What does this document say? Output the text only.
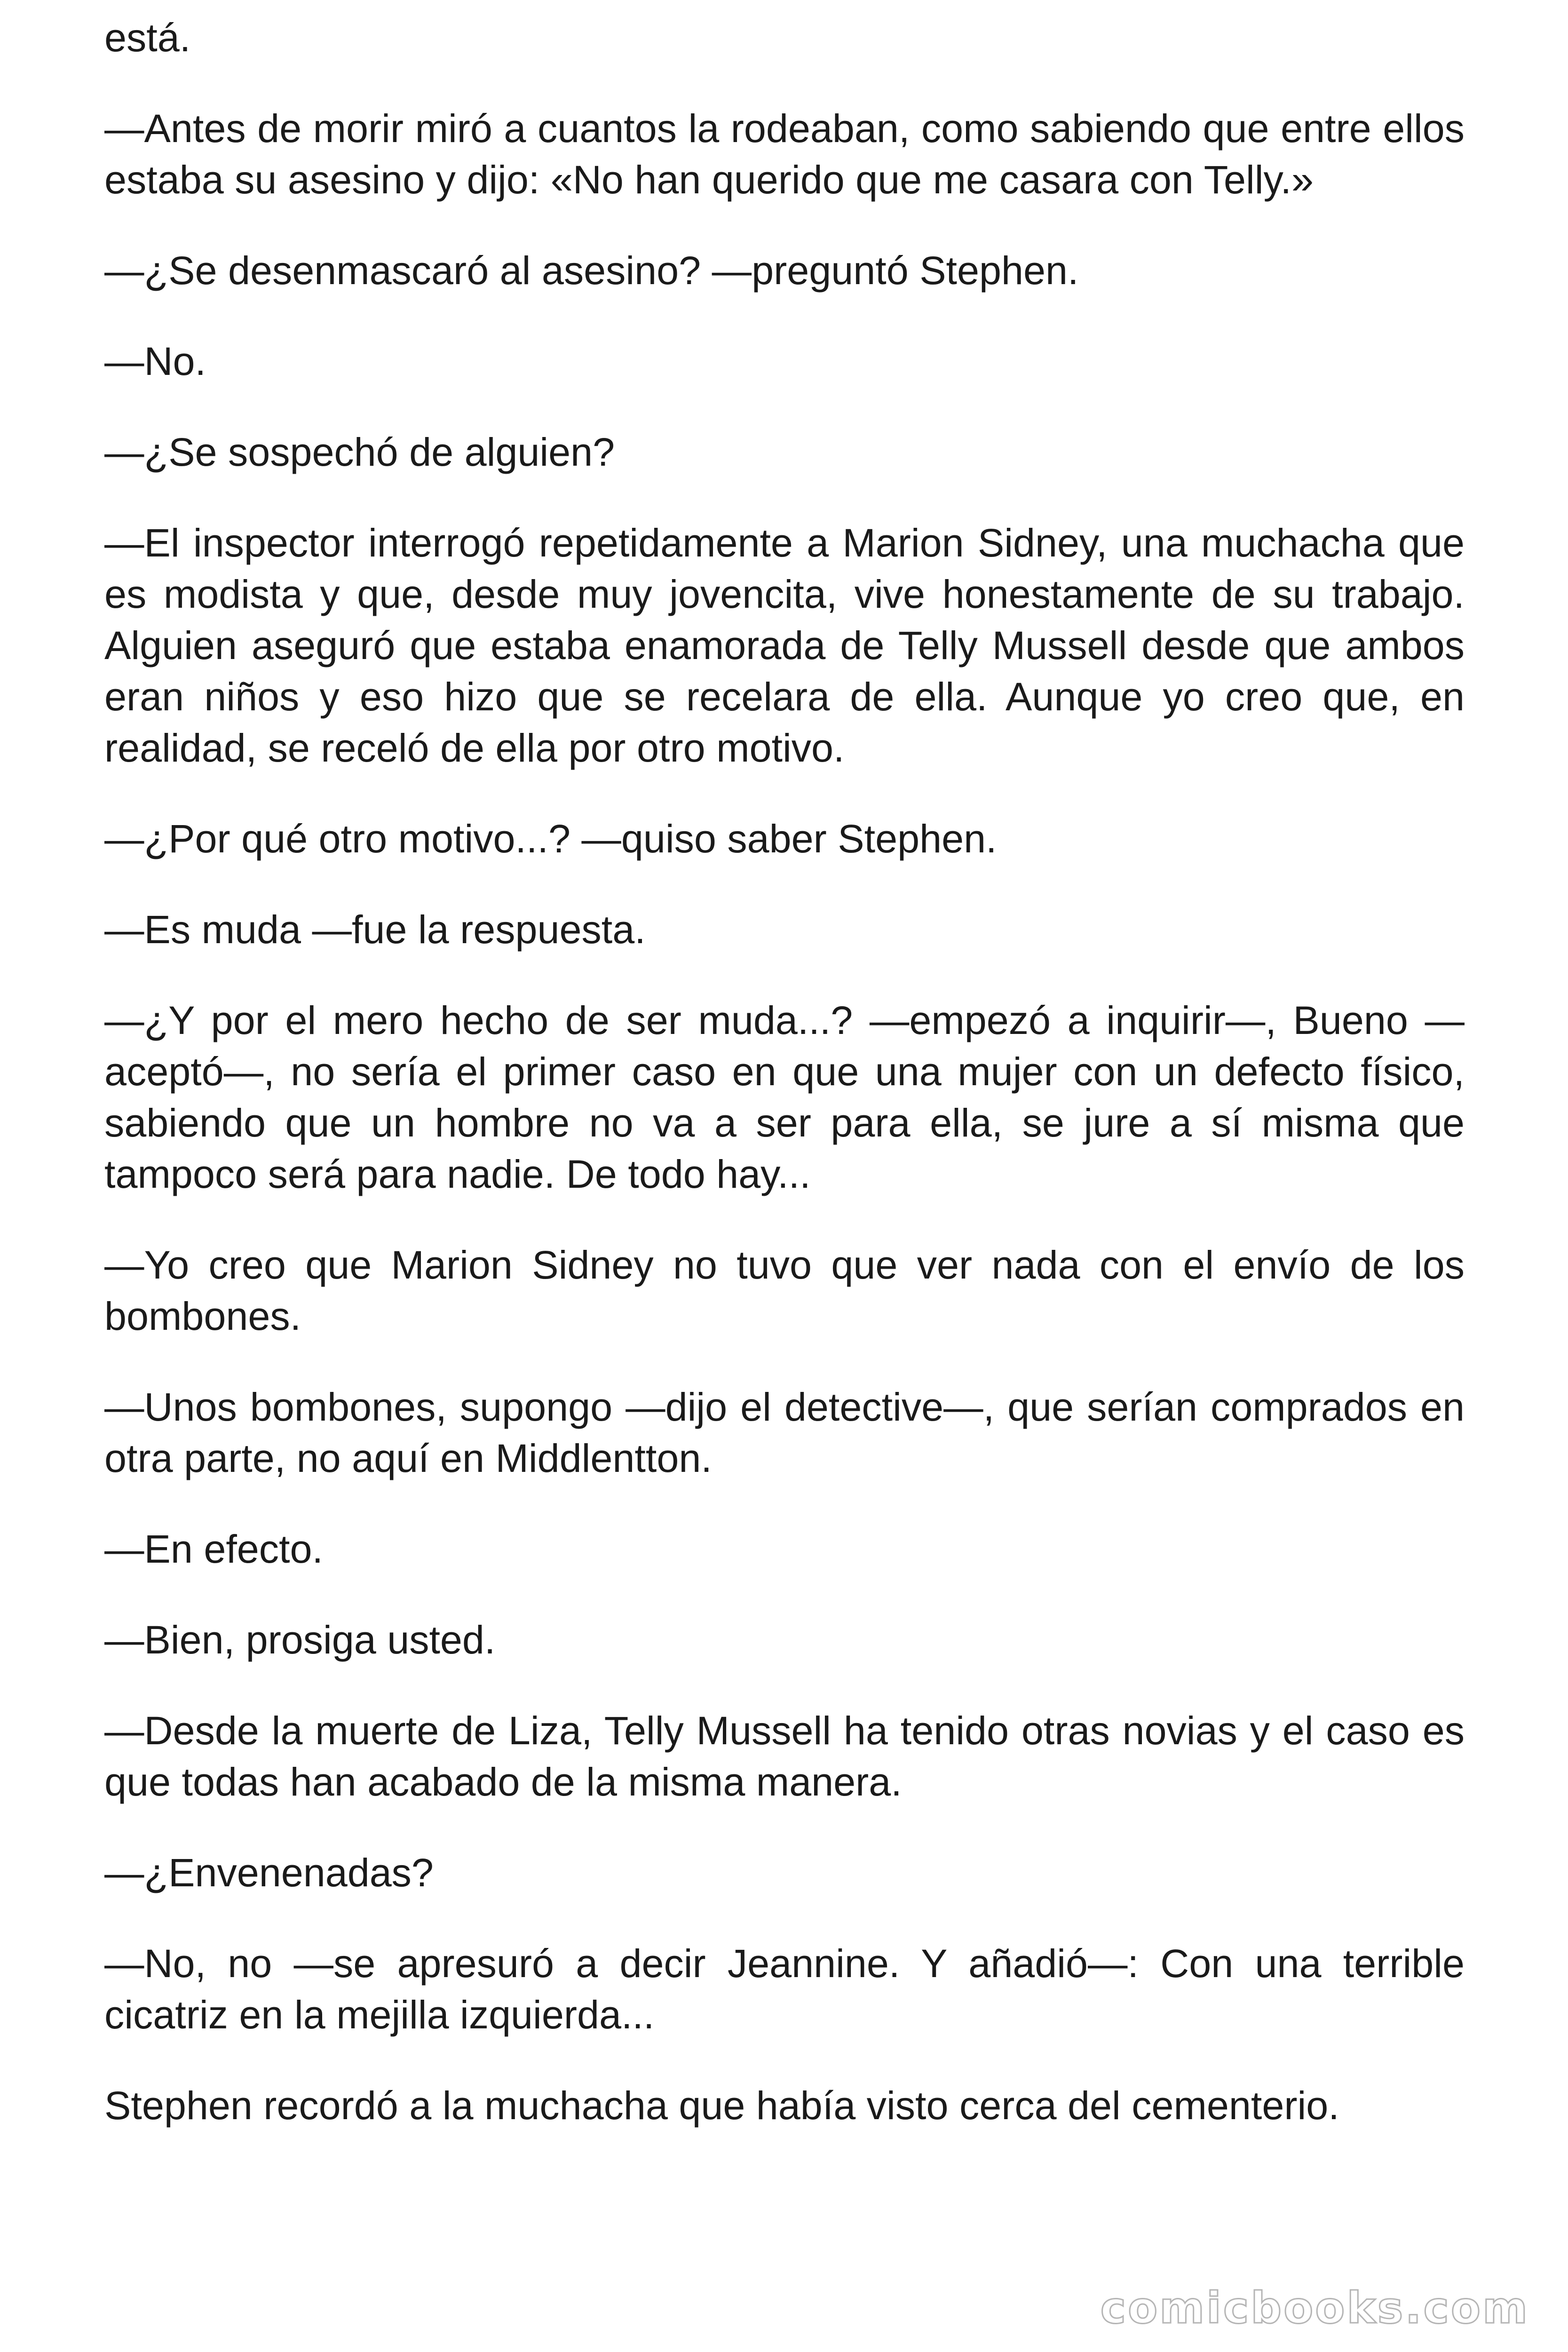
está.

—Antes de morir miró a cuantos la rodeaban, como sabiendo que entre ellos estaba su asesino y dijo: «No han querido que me casara con Telly.»

—¿Se desenmascaró al asesino? —preguntó Stephen.

—No.

—¿Se sospechó de alguien?

—El inspector interrogó repetidamente a Marion Sidney, una muchacha que es modista y que, desde muy jovencita, vive honestamente de su trabajo. Alguien aseguró que estaba enamorada de Telly Mussell desde que ambos eran niños y eso hizo que se recelara de ella. Aunque yo creo que, en realidad, se receló de ella por otro motivo.

—¿Por qué otro motivo...? —quiso saber Stephen.

—Es muda —fue la respuesta.

—¿Y por el mero hecho de ser muda...? —empezó a inquirir—, Bueno —aceptó—, no sería el primer caso en que una mujer con un defecto físico, sabiendo que un hombre no va a ser para ella, se jure a sí misma que tampoco será para nadie. De todo hay...

—Yo creo que Marion Sidney no tuvo que ver nada con el envío de los bombones.

—Unos bombones, supongo —dijo el detective—, que serían comprados en otra parte, no aquí en Middlentton.

—En efecto.

—Bien, prosiga usted.

—Desde la muerte de Liza, Telly Mussell ha tenido otras novias y el caso es que todas han acabado de la misma manera.

—¿Envenenadas?

—No, no —se apresuró a decir Jeannine. Y añadió—: Con una terrible cicatriz en la mejilla izquierda...

Stephen recordó a la muchacha que había visto cerca del cementerio.

comicbooks.com
